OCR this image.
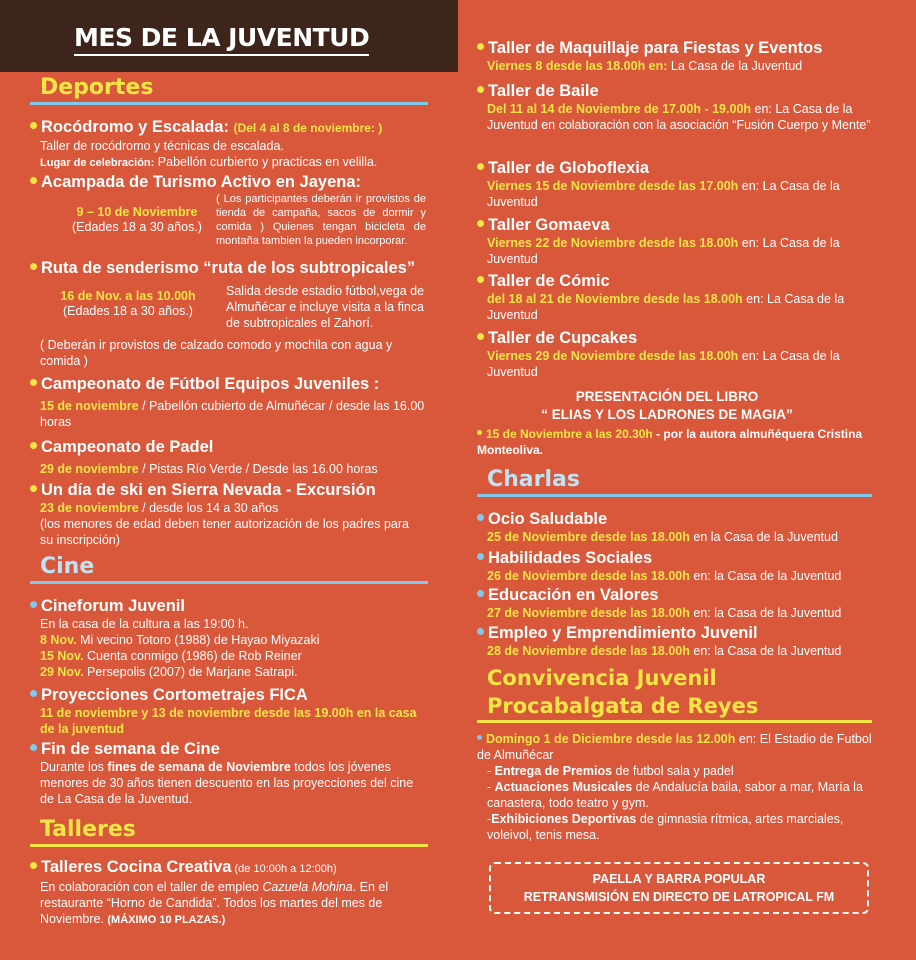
MES DE LA JUVENTUD
Deportes
Rocódromo y Escalada: (Del 4 al 8 de noviembre: )
Taller de rocódromo y técnicas de escalada.
Lugar de celebración: Pabellón curbierto y practicas en velilla.
Acampada de Turismo Activo en Jayena:
9 – 10 de Noviembre
(Edades 18 a 30 años.)
( Los participantes deberán ir provistos de tienda de campaña, sacos de dormir y comida ) Quienes tengan bicicleta de montaña tambien la pueden incorporar.
Ruta de senderismo “ruta de los subtropicales”
16 de Nov. a las 10.00h
(Edades 18 a 30 años.)
Salida desde estadio fútbol,vega de Almuñécar e incluye visita a la finca de subtropicales el Zahorí.
( Deberán ir provistos de calzado comodo y mochila con agua y comida )
Campeonato de Fútbol Equipos Juveniles :
15 de noviembre / Pabellón cubierto de Almuñécar / desde las 16.00 horas
Campeonato de Padel
29 de noviembre / Pistas Río Verde / Desde las 16.00 horas
Un día de ski en Sierra Nevada - Excursión
23 de noviembre / desde los 14 a 30 años
(los menores de edad deben tener autorización de los padres para su inscripción)
Cine
Cineforum Juvenil
En la casa de la cultura a las 19:00 h.
8 Nov. Mi vecino Totoro (1988) de Hayao Miyazaki
15 Nov. Cuenta conmigo (1986) de Rob Reiner
29 Nov. Persepolis (2007) de Marjane Satrapi.
Proyecciones Cortometrajes FICA
11 de noviembre y 13 de noviembre desde las 19.00h en la casa de la juventud
Fin de semana de Cine
Durante los fines de semana de Noviembre todos los jóvenes menores de 30 años tienen descuento en las proyecciones del cine de La Casa de la Juventud.
Talleres
Talleres Cocina Creativa (de 10:00h a 12:00h)
En colaboración con el taller de empleo Cazuela Mohina. En el restaurante “Horno de Candida”. Todos los martes del mes de Noviembre. (MÁXIMO 10 PLAZAS.)
Taller de Maquillaje para Fiestas y Eventos
Viernes 8 desde las 18.00h en: La Casa de la Juventud
Taller de Baile
Del 11 al 14 de Noviembre de 17.00h - 19.00h en: La Casa de la Juventud en colaboración con la asociación “Fusión Cuerpo y Mente”
Taller de Globoflexia
Viernes 15 de Noviembre desde las 17.00h en: La Casa de la Juventud
Taller Gomaeva
Viernes 22 de Noviembre desde las 18.00h en: La Casa de la Juventud
Taller de Cómic
del 18 al 21 de Noviembre desde las 18.00h en: La Casa de la Juventud
Taller de Cupcakes
Viernes 29 de Noviembre desde las 18.00h en: La Casa de la Juventud
PRESENTACIÓN DEL LIBRO
“ ELIAS Y LOS LADRONES DE MAGIA”
15 de Noviembre a las 20.30h - por la autora almuñéquera Cristina Monteoliva.
Charlas
Ocio Saludable
25 de Noviembre desde las 18.00h en la Casa de la Juventud
Habilidades Sociales
26 de Noviembre desde las 18.00h en: la Casa de la Juventud
Educación en Valores
27 de Noviembre desde las 18.00h en: la Casa de la Juventud
Empleo y Emprendimiento Juvenil
28 de Noviembre desde las 18.00h en: la Casa de la Juventud
Convivencia Juvenil
Procabalgata de Reyes
Domingo 1 de Diciembre desde las 12.00h en: El Estadio de Futbol de Almuñécar
- Entrega de Premios de futbol sala y padel
- Actuaciones Musicales de Andalucía baila, sabor a mar, María la canastera, todo teatro y gym.
-Exhibiciones Deportivas de gimnasia rítmica, artes marciales, voleivol, tenis mesa.
PAELLA Y BARRA POPULAR
RETRANSMISIÓN EN DIRECTO DE LATROPICAL FM
